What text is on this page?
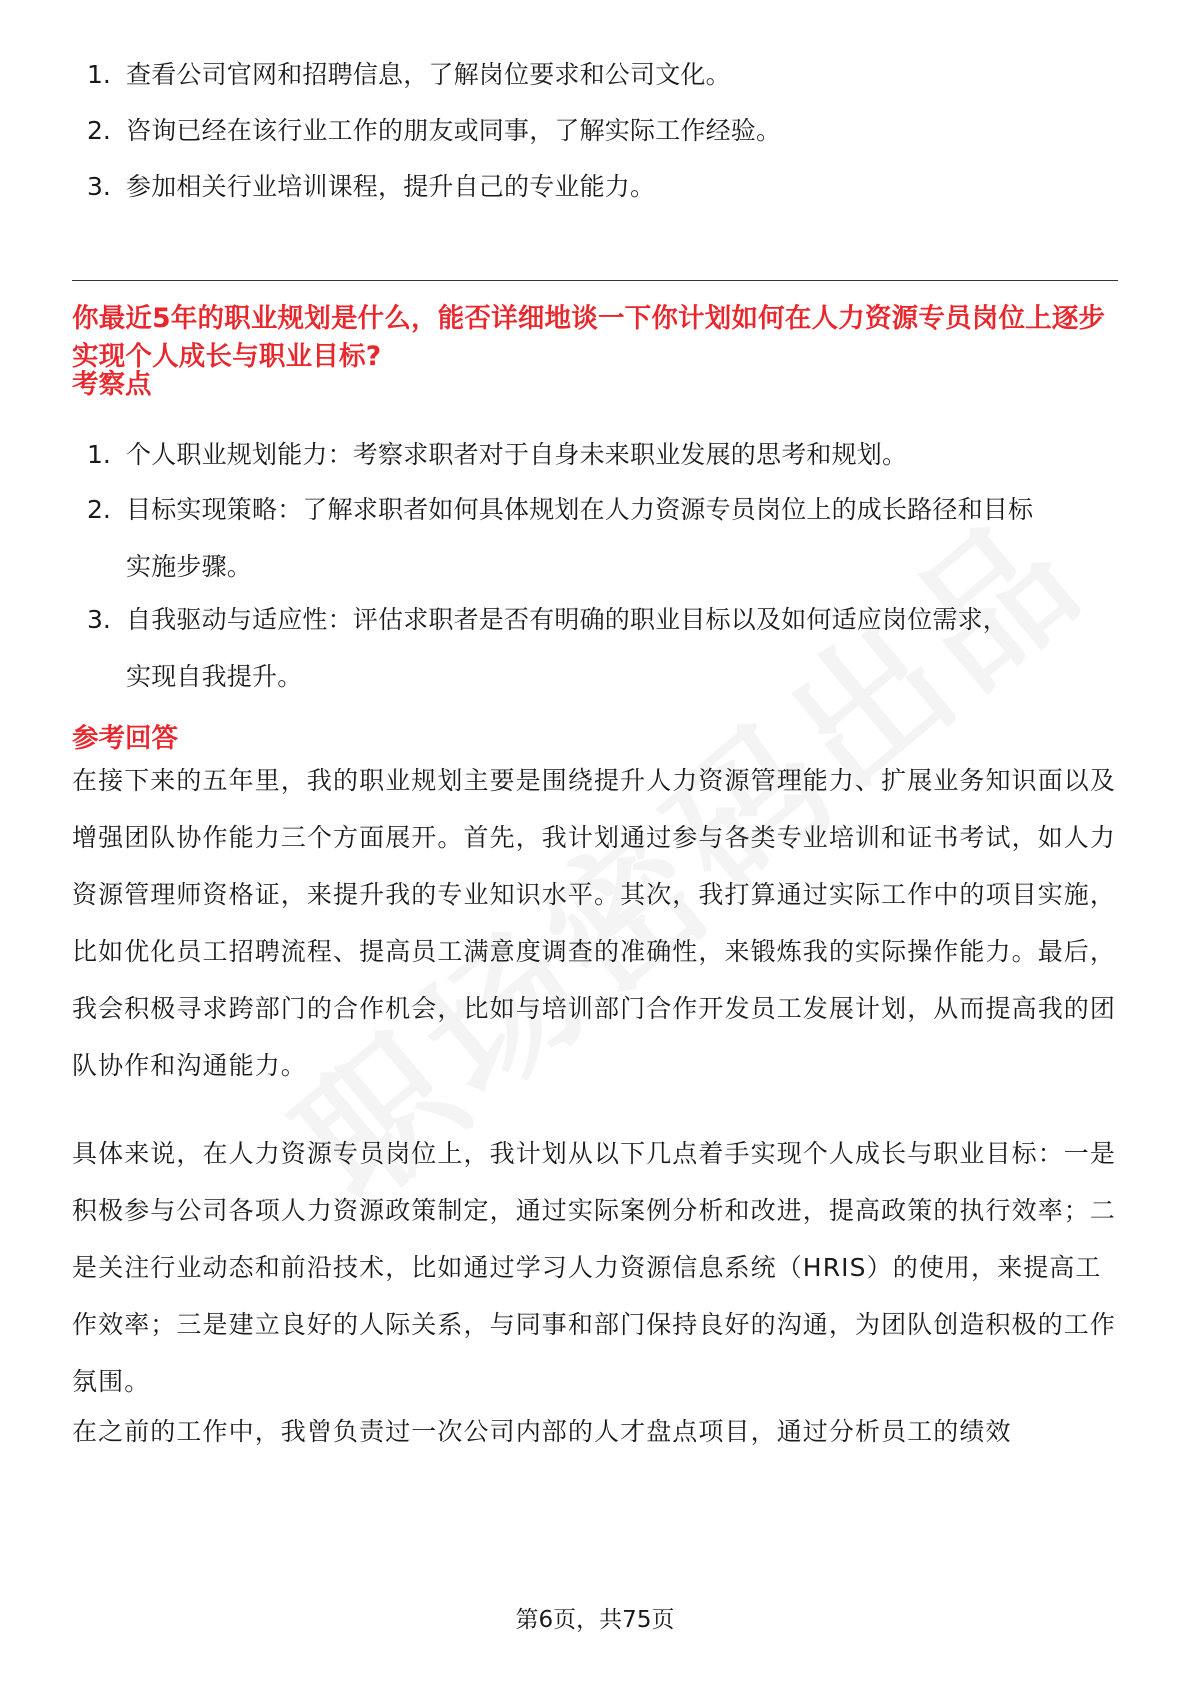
1. 查看公司官网和招聘信息，了解岗位要求和公司文化。
2. 咨询已经在该行业工作的朋友或同事，了解实际工作经验。
3. 参加相关行业培训课程，提升自己的专业能力。
你最近5年的职业规划是什么，能否详细地谈一下你计划如何在人力资源专员岗位上逐步实现个人成长与职业目标?
考察点
1. 个人职业规划能力：考察求职者对于自身未来职业发展的思考和规划。
2. 目标实现策略：了解求职者如何具体规划在人力资源专员岗位上的成长路径和目标实施步骤。
3. 自我驱动与适应性：评估求职者是否有明确的职业目标以及如何适应岗位需求，实现自我提升。
参考回答

在接下来的五年里，我的职业规划主要是围绕提升人力资源管理能力、扩展业务知识面以及增强团队协作能力三个方面展开。首先，我计划通过参与各类专业培训和证书考试，如人力资源管理师资格证，来提升我的专业知识水平。其次，我打算通过实际工作中的项目实施，比如优化员工招聘流程、提高员工满意度调查的准确性，来锻炼我的实际操作能力。最后，我会积极寻求跨部门的合作机会，比如与培训部门合作开发员工发展计划，从而提高我的团队协作和沟通能力。

具体来说，在人力资源专员岗位上，我计划从以下几点着手实现个人成长与职业目标：一是积极参与公司各项人力资源政策制定，通过实际案例分析和改进，提高政策的执行效率；二是关注行业动态和前沿技术，比如通过学习人力资源信息系统（HRIS）的使用，来提高工作效率；三是建立良好的人际关系，与同事和部门保持良好的沟通，为团队创造积极的工作氛围。

在之前的工作中，我曾负责过一次公司内部的人才盘点项目，通过分析员工的绩效

第6页，共75页
